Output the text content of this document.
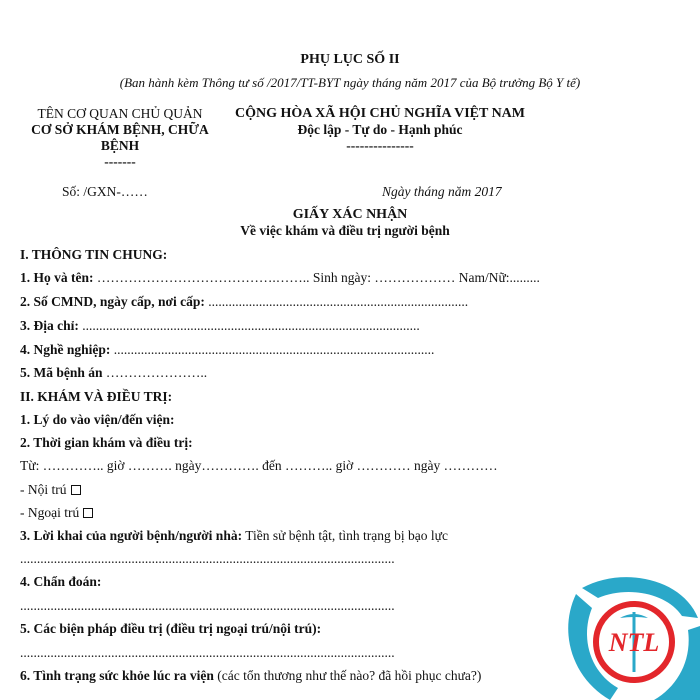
PHỤ LỤC SỐ II
(Ban hành kèm Thông tư số /2017/TT-BYT ngày tháng năm 2017 của Bộ trưởng Bộ Y tế)
TÊN CƠ QUAN CHỦ QUẢN
CƠ SỞ KHÁM BỆNH, CHỮA
BỆNH
-------
CỘNG HÒA XÃ HỘI CHỦ NGHĨA VIỆT NAM
Độc lập - Tự do - Hạnh phúc
---------------
Số: /GXN-……	Ngày tháng năm 2017
GIẤY XÁC NHẬN
Về việc khám và điều trị người bệnh
I. THÔNG TIN CHUNG:
1. Họ và tên: ………………………………….…….. Sinh ngày: ……………… Nam/Nữ:.........
2. Số CMND, ngày cấp, nơi cấp: .............................................................................
3. Địa chỉ: ....................................................................................................
4. Nghề nghiệp: ...............................................................................................
5. Mã bệnh án …………………..
II. KHÁM VÀ ĐIỀU TRỊ:
1. Lý do vào viện/đến viện:
2. Thời gian khám và điều trị:
Từ: ………….. giờ ………. ngày…………. đến ……….. giờ ………… ngày …………
- Nội trú
- Ngoại trú
3. Lời khai của người bệnh/người nhà: Tiền sử bệnh tật, tình trạng bị bạo lực
...............................................................................................................
4. Chẩn đoán:
...............................................................................................................
5. Các biện pháp điều trị (điều trị ngoại trú/nội trú):
...............................................................................................................
6. Tình trạng sức khỏe lúc ra viện (các tổn thương như thế nào? đã hồi phục chưa?)
NTL
